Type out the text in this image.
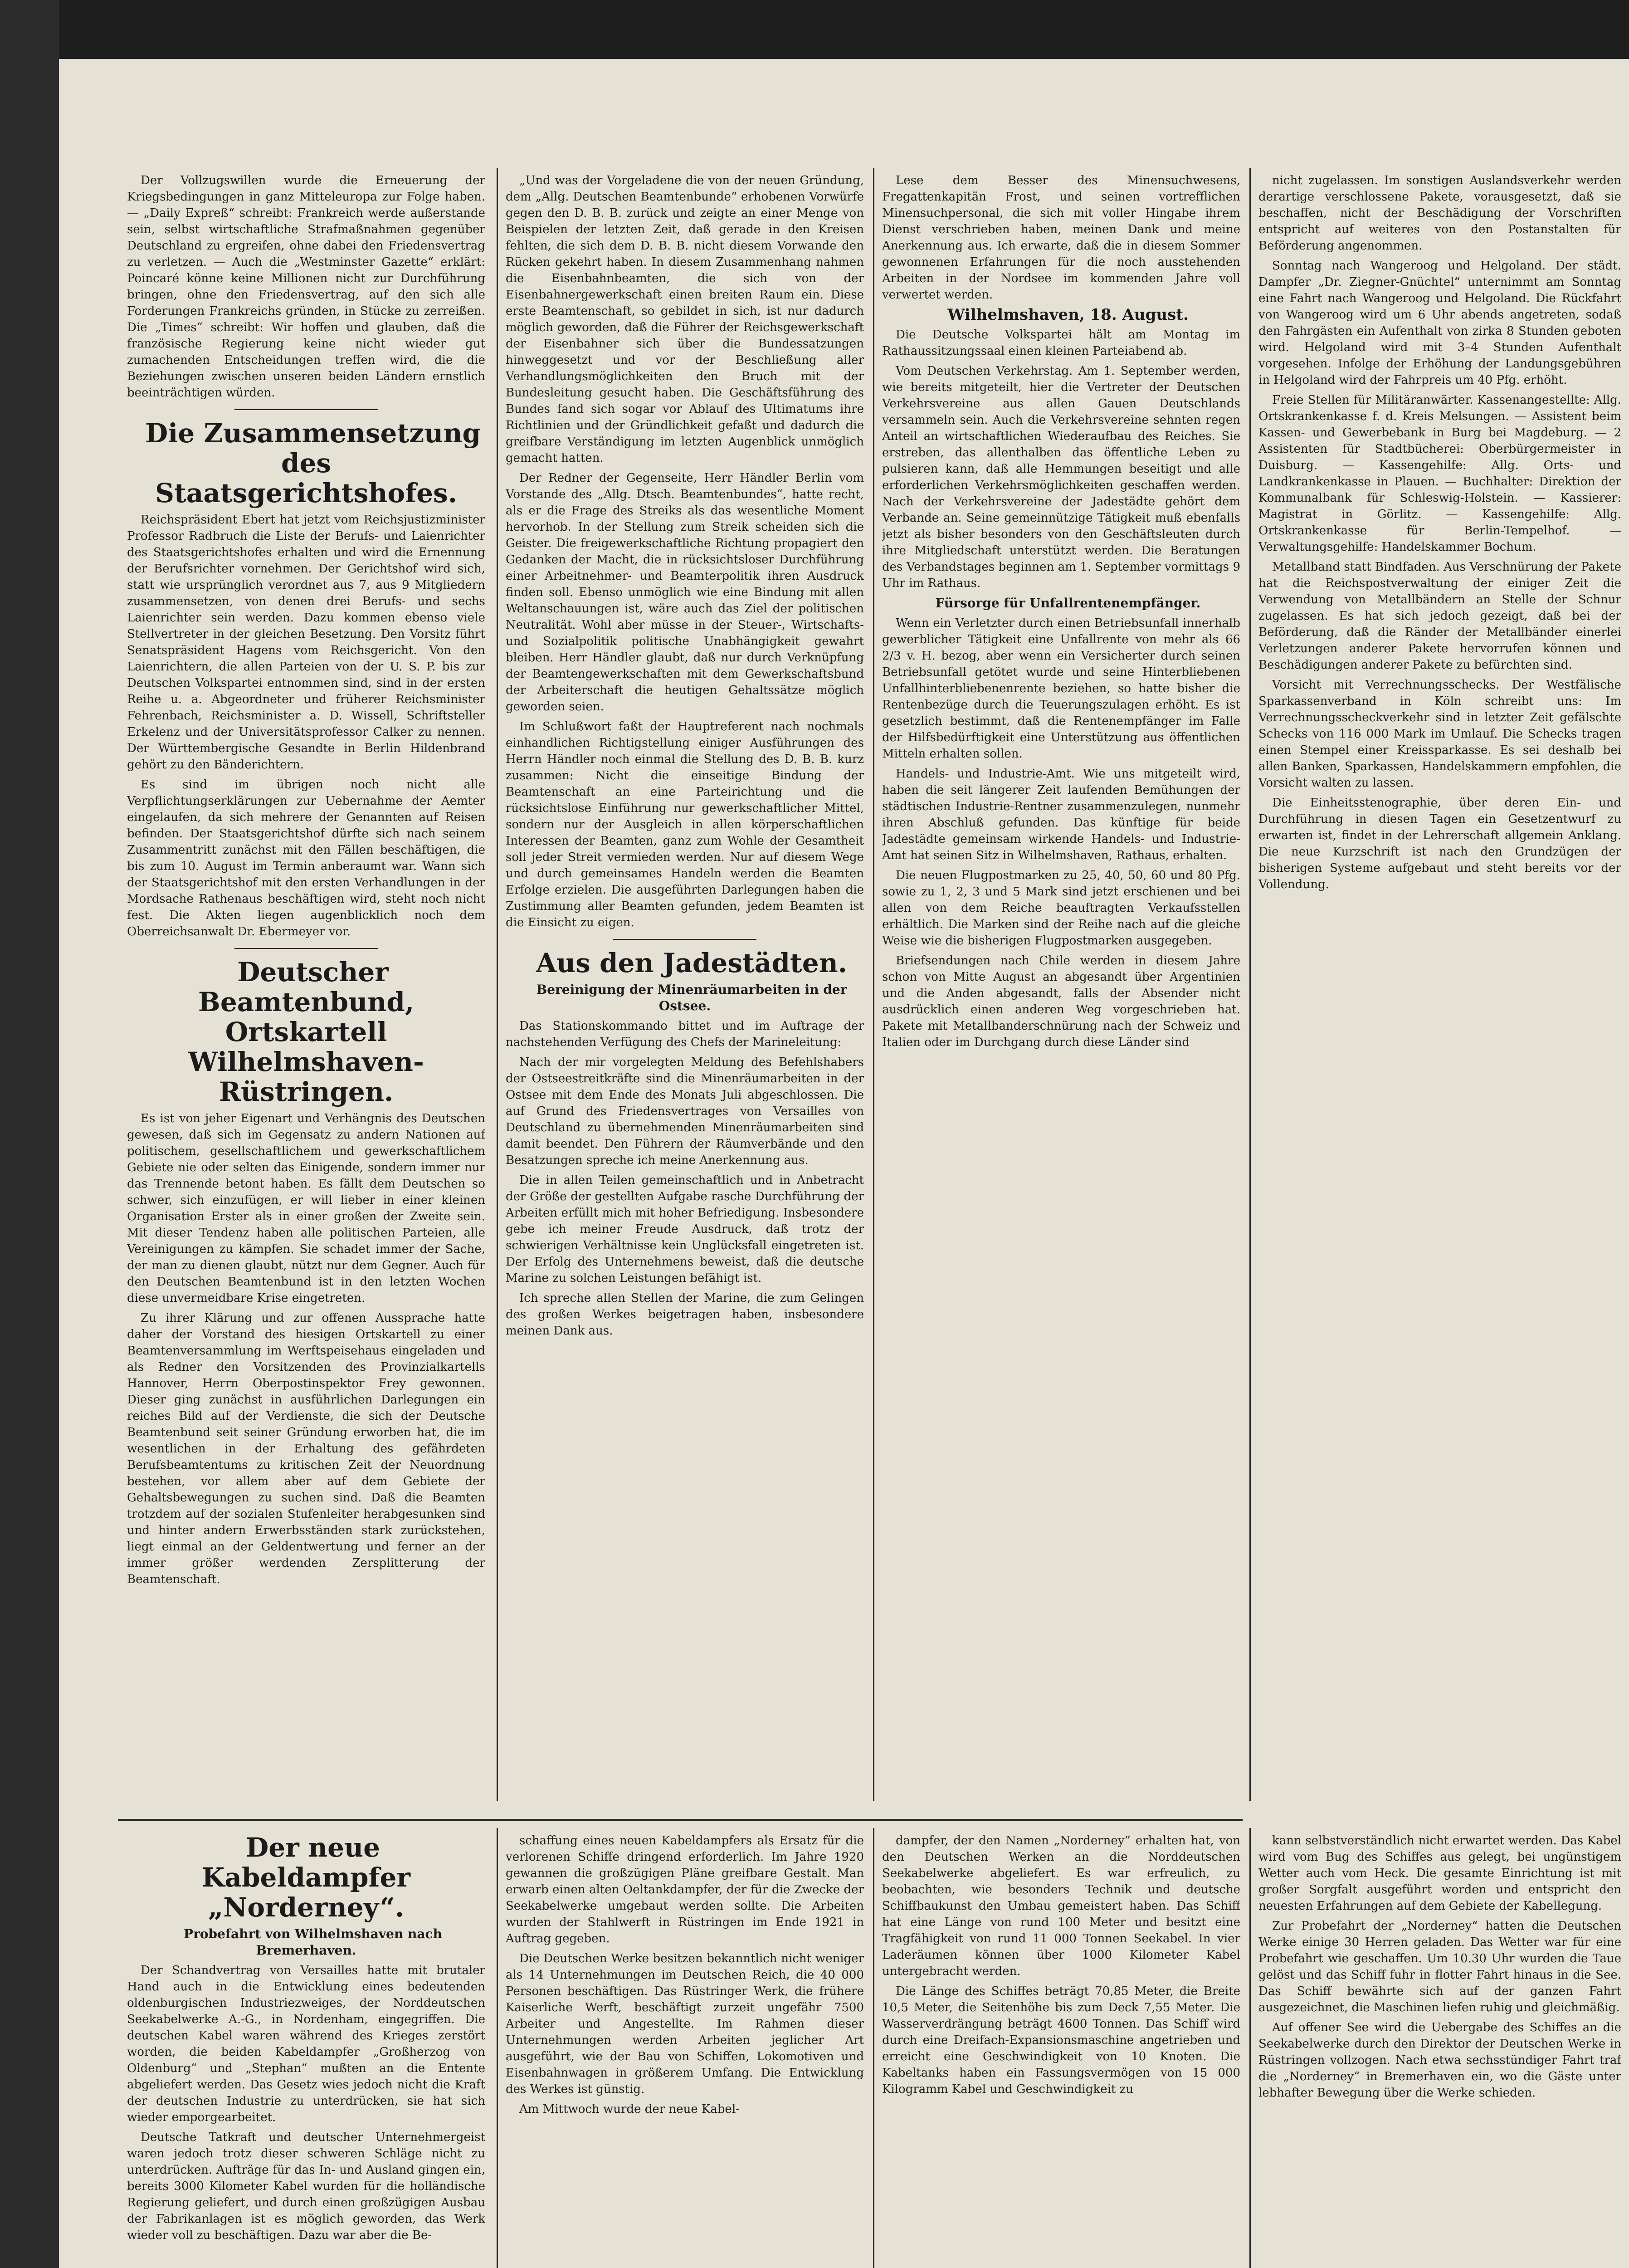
Der Vollzugswillen wurde die Erneuerung der Kriegsbedingungen in ganz Mitteleuropa zur Folge haben. — „Daily Expreß“ schreibt: Frankreich werde außerstande sein, selbst wirtschaftliche Strafmaßnahmen gegenüber Deutschland zu ergreifen, ohne dabei den Friedensvertrag zu verletzen. — Auch die „Westminster Gazette“ erklärt: Poincaré könne keine Millionen nicht zur Durchführung bringen, ohne den Friedensvertrag, auf den sich alle Forderungen Frankreichs gründen, in Stücke zu zerreißen. Die „Times“ schreibt: Wir hoffen und glauben, daß die französische Regierung keine nicht wieder gut zumachenden Entscheidungen treffen wird, die die Beziehungen zwischen unseren beiden Ländern ernstlich beeinträchtigen würden.

Die Zusammensetzung des Staatsgerichtshofes.

Reichspräsident Ebert hat jetzt vom Reichsjustizminister Professor Radbruch die Liste der Berufs- und Laienrichter des Staatsgerichtshofes erhalten und wird die Ernennung der Berufsrichter vornehmen. Der Gerichtshof wird sich, statt wie ursprünglich verordnet aus 7, aus 9 Mitgliedern zusammensetzen, von denen drei Berufs- und sechs Laienrichter sein werden. Dazu kommen ebenso viele Stellvertreter in der gleichen Besetzung. Den Vorsitz führt Senatspräsident Hagens vom Reichsgericht. Von den Laienrichtern, die allen Parteien von der U. S. P. bis zur Deutschen Volkspartei entnommen sind, sind in der ersten Reihe u. a. Abgeordneter und früherer Reichsminister Fehrenbach, Reichsminister a. D. Wissell, Schriftsteller Erkelenz und der Universitätsprofessor Calker zu nennen. Der Württembergische Gesandte in Berlin Hildenbrand gehört zu den Bänderichtern.

Es sind im übrigen noch nicht alle Verpflichtungserklärungen zur Uebernahme der Aemter eingelaufen, da sich mehrere der Genannten auf Reisen befinden. Der Staatsgerichtshof dürfte sich nach seinem Zusammentritt zunächst mit den Fällen beschäftigen, die bis zum 10. August im Termin anberaumt war. Wann sich der Staatsgerichtshof mit den ersten Verhandlungen in der Mordsache Rathenaus beschäftigen wird, steht noch nicht fest. Die Akten liegen augenblicklich noch dem Oberreichsanwalt Dr. Ebermeyer vor.

Deutscher Beamtenbund, Ortskartell Wilhelmshaven-Rüstringen.

Es ist von jeher Eigenart und Verhängnis des Deutschen gewesen, daß sich im Gegensatz zu andern Nationen auf politischem, gesellschaftlichem und gewerkschaftlichem Gebiete nie oder selten das Einigende, sondern immer nur das Trennende betont haben. Es fällt dem Deutschen so schwer, sich einzufügen, er will lieber in einer kleinen Organisation Erster als in einer großen der Zweite sein. Mit dieser Tendenz haben alle politischen Parteien, alle Vereinigungen zu kämpfen. Sie schadet immer der Sache, der man zu dienen glaubt, nützt nur dem Gegner. Auch für den Deutschen Beamtenbund ist in den letzten Wochen diese unvermeidbare Krise eingetreten.

Zu ihrer Klärung und zur offenen Aussprache hatte daher der Vorstand des hiesigen Ortskartell zu einer Beamtenversammlung im Werftspeisehaus eingeladen und als Redner den Vorsitzenden des Provinzialkartells Hannover, Herrn Oberpostinspektor Frey gewonnen. Dieser ging zunächst in ausführlichen Darlegungen ein reiches Bild auf der Verdienste, die sich der Deutsche Beamtenbund seit seiner Gründung erworben hat, die im wesentlichen in der Erhaltung des gefährdeten Berufsbeamtentums zu kritischen Zeit der Neuordnung bestehen, vor allem aber auf dem Gebiete der Gehaltsbewegungen zu suchen sind. Daß die Beamten trotzdem auf der sozialen Stufenleiter herabgesunken sind und hinter andern Erwerbsständen stark zurückstehen, liegt einmal an der Geldentwertung und ferner an der immer größer werdenden Zersplitterung der Beamtenschaft.

„Und was der Vorgeladene die von der neuen Gründung, dem „Allg. Deutschen Beamtenbunde“ erhobenen Vorwürfe gegen den D. B. B. zurück und zeigte an einer Menge von Beispielen der letzten Zeit, daß gerade in den Kreisen fehlten, die sich dem D. B. B. nicht diesem Vorwande den Rücken gekehrt haben. In diesem Zusammenhang nahmen die Eisenbahnbeamten, die sich von der Eisenbahnergewerkschaft einen breiten Raum ein. Diese erste Beamtenschaft, so gebildet in sich, ist nur dadurch möglich geworden, daß die Führer der Reichsgewerkschaft der Eisenbahner sich über die Bundessatzungen hinweggesetzt und vor der Beschließung aller Verhandlungsmöglichkeiten den Bruch mit der Bundesleitung gesucht haben. Die Geschäftsführung des Bundes fand sich sogar vor Ablauf des Ultimatums ihre Richtlinien und der Gründlichkeit gefaßt und dadurch die greifbare Verständigung im letzten Augenblick unmöglich gemacht hatten.

Der Redner der Gegenseite, Herr Händler Berlin vom Vorstande des „Allg. Dtsch. Beamtenbundes“, hatte recht, als er die Frage des Streiks als das wesentliche Moment hervorhob. In der Stellung zum Streik scheiden sich die Geister. Die freigewerkschaftliche Richtung propagiert den Gedanken der Macht, die in rücksichtsloser Durchführung einer Arbeitnehmer- und Beamterpolitik ihren Ausdruck finden soll. Ebenso unmöglich wie eine Bindung mit allen Weltanschauungen ist, wäre auch das Ziel der politischen Neutralität. Wohl aber müsse in der Steuer-, Wirtschafts- und Sozialpolitik politische Unabhängigkeit gewahrt bleiben. Herr Händler glaubt, daß nur durch Verknüpfung der Beamtengewerkschaften mit dem Gewerkschaftsbund der Arbeiterschaft die heutigen Gehaltssätze möglich geworden seien.

Im Schlußwort faßt der Hauptreferent nach nochmals einhandlichen Richtigstellung einiger Ausführungen des Herrn Händler noch einmal die Stellung des D. B. B. kurz zusammen: Nicht die einseitige Bindung der Beamtenschaft an eine Parteirichtung und die rücksichtslose Einführung nur gewerkschaftlicher Mittel, sondern nur der Ausgleich in allen körperschaftlichen Interessen der Beamten, ganz zum Wohle der Gesamtheit soll jeder Streit vermieden werden. Nur auf diesem Wege und durch gemeinsames Handeln werden die Beamten Erfolge erzielen. Die ausgeführten Darlegungen haben die Zustimmung aller Beamten gefunden, jedem Beamten ist die Einsicht zu eigen.

Aus den Jadestädten.

Bereinigung der Minenräumarbeiten in der Ostsee.

Das Stationskommando bittet und im Auftrage der nachstehenden Verfügung des Chefs der Marineleitung:

Nach der mir vorgelegten Meldung des Befehlshabers der Ostseestreitkräfte sind die Minenräumarbeiten in der Ostsee mit dem Ende des Monats Juli abgeschlossen. Die auf Grund des Friedensvertrages von Versailles von Deutschland zu übernehmenden Minenräumarbeiten sind damit beendet. Den Führern der Räumverbände und den Besatzungen spreche ich meine Anerkennung aus.

Die in allen Teilen gemeinschaftlich und in Anbetracht der Größe der gestellten Aufgabe rasche Durchführung der Arbeiten erfüllt mich mit hoher Befriedigung. Insbesondere gebe ich meiner Freude Ausdruck, daß trotz der schwierigen Verhältnisse kein Unglücksfall eingetreten ist. Der Erfolg des Unternehmens beweist, daß die deutsche Marine zu solchen Leistungen befähigt ist.

Ich spreche allen Stellen der Marine, die zum Gelingen des großen Werkes beigetragen haben, insbesondere meinen Dank aus.

Lese dem Besser des Minensuchwesens, Fregattenkapitän Frost, und seinen vortrefflichen Minensuchpersonal, die sich mit voller Hingabe ihrem Dienst verschrieben haben, meinen Dank und meine Anerkennung aus. Ich erwarte, daß die in diesem Sommer gewonnenen Erfahrungen für die noch ausstehenden Arbeiten in der Nordsee im kommenden Jahre voll verwertet werden.

Wilhelmshaven, 18. August.

Die Deutsche Volkspartei hält am Montag im Rathaussitzungssaal einen kleinen Parteiabend ab.

Vom Deutschen Verkehrstag. Am 1. September werden, wie bereits mitgeteilt, hier die Vertreter der Deutschen Verkehrsvereine aus allen Gauen Deutschlands versammeln sein. Auch die Verkehrsvereine sehnten regen Anteil an wirtschaftlichen Wiederaufbau des Reiches. Sie erstreben, das allenthalben das öffentliche Leben zu pulsieren kann, daß alle Hemmungen beseitigt und alle erforderlichen Verkehrsmöglichkeiten geschaffen werden. Nach der Verkehrsvereine der Jadestädte gehört dem Verbande an. Seine gemeinnützige Tätigkeit muß ebenfalls jetzt als bisher besonders von den Geschäftsleuten durch ihre Mitgliedschaft unterstützt werden. Die Beratungen des Verbandstages beginnen am 1. September vormittags 9 Uhr im Rathaus.

Fürsorge für Unfallrentenempfänger.

Wenn ein Verletzter durch einen Betriebsunfall innerhalb gewerblicher Tätigkeit eine Unfallrente von mehr als 66 2/3 v. H. bezog, aber wenn ein Versicherter durch seinen Betriebsunfall getötet wurde und seine Hinterbliebenen Unfallhinterbliebenenrente beziehen, so hatte bisher die Rentenbezüge durch die Teuerungszulagen erhöht. Es ist gesetzlich bestimmt, daß die Rentenempfänger im Falle der Hilfsbedürftigkeit eine Unterstützung aus öffentlichen Mitteln erhalten sollen.

Handels- und Industrie-Amt. Wie uns mitgeteilt wird, haben die seit längerer Zeit laufenden Bemühungen der städtischen Industrie-Rentner zusammenzulegen, nunmehr ihren Abschluß gefunden. Das künftige für beide Jadestädte gemeinsam wirkende Handels- und Industrie-Amt hat seinen Sitz in Wilhelmshaven, Rathaus, erhalten.

Die neuen Flugpostmarken zu 25, 40, 50, 60 und 80 Pfg. sowie zu 1, 2, 3 und 5 Mark sind jetzt erschienen und bei allen von dem Reiche beauftragten Verkaufsstellen erhältlich. Die Marken sind der Reihe nach auf die gleiche Weise wie die bisherigen Flugpostmarken ausgegeben.

Briefsendungen nach Chile werden in diesem Jahre schon von Mitte August an abgesandt über Argentinien und die Anden abgesandt, falls der Absender nicht ausdrücklich einen anderen Weg vorgeschrieben hat. Pakete mit Metallbanderschnürung nach der Schweiz und Italien oder im Durchgang durch diese Länder sind

nicht zugelassen. Im sonstigen Auslandsverkehr werden derartige verschlossene Pakete, vorausgesetzt, daß sie beschaffen, nicht der Beschädigung der Vorschriften entspricht auf weiteres von den Postanstalten für Beförderung angenommen.

Sonntag nach Wangeroog und Helgoland. Der städt. Dampfer „Dr. Ziegner-Gnüchtel“ unternimmt am Sonntag eine Fahrt nach Wangeroog und Helgoland. Die Rückfahrt von Wangeroog wird um 6 Uhr abends angetreten, sodaß den Fahrgästen ein Aufenthalt von zirka 8 Stunden geboten wird. Helgoland wird mit 3–4 Stunden Aufenthalt vorgesehen. Infolge der Erhöhung der Landungsgebühren in Helgoland wird der Fahrpreis um 40 Pfg. erhöht.

Freie Stellen für Militäranwärter. Kassenangestellte: Allg. Ortskrankenkasse f. d. Kreis Melsungen. — Assistent beim Kassen- und Gewerbebank in Burg bei Magdeburg. — 2 Assistenten für Stadtbücherei: Oberbürgermeister in Duisburg. — Kassengehilfe: Allg. Orts- und Landkrankenkasse in Plauen. — Buchhalter: Direktion der Kommunalbank für Schleswig-Holstein. — Kassierer: Magistrat in Görlitz. — Kassengehilfe: Allg. Ortskrankenkasse für Berlin-Tempelhof. — Verwaltungsgehilfe: Handelskammer Bochum.

Metallband statt Bindfaden. Aus Verschnürung der Pakete hat die Reichspostverwaltung der einiger Zeit die Verwendung von Metallbändern an Stelle der Schnur zugelassen. Es hat sich jedoch gezeigt, daß bei der Beförderung, daß die Ränder der Metallbänder einerlei Verletzungen anderer Pakete hervorrufen können und Beschädigungen anderer Pakete zu befürchten sind.

Vorsicht mit Verrechnungsschecks. Der Westfälische Sparkassenverband in Köln schreibt uns: Im Verrechnungsscheckverkehr sind in letzter Zeit gefälschte Schecks von 116 000 Mark im Umlauf. Die Schecks tragen einen Stempel einer Kreissparkasse. Es sei deshalb bei allen Banken, Sparkassen, Handelskammern empfohlen, die Vorsicht walten zu lassen.

Die Einheitsstenographie, über deren Ein- und Durchführung in diesen Tagen ein Gesetzentwurf zu erwarten ist, findet in der Lehrerschaft allgemein Anklang. Die neue Kurzschrift ist nach den Grundzügen der bisherigen Systeme aufgebaut und steht bereits vor der Vollendung.

Der neue Kabeldampfer „Norderney“.

Probefahrt von Wilhelmshaven nach Bremerhaven.

Der Schandvertrag von Versailles hatte mit brutaler Hand auch in die Entwicklung eines bedeutenden oldenburgischen Industriezweiges, der Norddeutschen Seekabelwerke A.-G., in Nordenham, eingegriffen. Die deutschen Kabel waren während des Krieges zerstört worden, die beiden Kabeldampfer „Großherzog von Oldenburg“ und „Stephan“ mußten an die Entente abgeliefert werden. Das Gesetz wies jedoch nicht die Kraft der deutschen Industrie zu unterdrücken, sie hat sich wieder emporgearbeitet.

Deutsche Tatkraft und deutscher Unternehmergeist waren jedoch trotz dieser schweren Schläge nicht zu unterdrücken. Aufträge für das In- und Ausland gingen ein, bereits 3000 Kilometer Kabel wurden für die holländische Regierung geliefert, und durch einen großzügigen Ausbau der Fabrikanlagen ist es möglich geworden, das Werk wieder voll zu beschäftigen. Dazu war aber die Be-

schaffung eines neuen Kabeldampfers als Ersatz für die verlorenen Schiffe dringend erforderlich. Im Jahre 1920 gewannen die großzügigen Pläne greifbare Gestalt. Man erwarb einen alten Oeltankdampfer, der für die Zwecke der Seekabelwerke umgebaut werden sollte. Die Arbeiten wurden der Stahlwerft in Rüstringen im Ende 1921 in Auftrag gegeben.

Die Deutschen Werke besitzen bekanntlich nicht weniger als 14 Unternehmungen im Deutschen Reich, die 40 000 Personen beschäftigen. Das Rüstringer Werk, die frühere Kaiserliche Werft, beschäftigt zurzeit ungefähr 7500 Arbeiter und Angestellte. Im Rahmen dieser Unternehmungen werden Arbeiten jeglicher Art ausgeführt, wie der Bau von Schiffen, Lokomotiven und Eisenbahnwagen in größerem Umfang. Die Entwicklung des Werkes ist günstig.

Am Mittwoch wurde der neue Kabel-

dampfer, der den Namen „Norderney“ erhalten hat, von den Deutschen Werken an die Norddeutschen Seekabelwerke abgeliefert. Es war erfreulich, zu beobachten, wie besonders Technik und deutsche Schiffbaukunst den Umbau gemeistert haben. Das Schiff hat eine Länge von rund 100 Meter und besitzt eine Tragfähigkeit von rund 11 000 Tonnen Seekabel. In vier Laderäumen können über 1000 Kilometer Kabel untergebracht werden.

Die Länge des Schiffes beträgt 70,85 Meter, die Breite 10,5 Meter, die Seitenhöhe bis zum Deck 7,55 Meter. Die Wasserverdrängung beträgt 4600 Tonnen. Das Schiff wird durch eine Dreifach-Expansionsmaschine angetrieben und erreicht eine Geschwindigkeit von 10 Knoten. Die Kabeltanks haben ein Fassungsvermögen von 15 000 Kilogramm Kabel und Geschwindigkeit zu

kann selbstverständlich nicht erwartet werden. Das Kabel wird vom Bug des Schiffes aus gelegt, bei ungünstigem Wetter auch vom Heck. Die gesamte Einrichtung ist mit großer Sorgfalt ausgeführt worden und entspricht den neuesten Erfahrungen auf dem Gebiete der Kabellegung.

Zur Probefahrt der „Norderney“ hatten die Deutschen Werke einige 30 Herren geladen. Das Wetter war für eine Probefahrt wie geschaffen. Um 10.30 Uhr wurden die Taue gelöst und das Schiff fuhr in flotter Fahrt hinaus in die See. Das Schiff bewährte sich auf der ganzen Fahrt ausgezeichnet, die Maschinen liefen ruhig und gleichmäßig.

Auf offener See wird die Uebergabe des Schiffes an die Seekabelwerke durch den Direktor der Deutschen Werke in Rüstringen vollzogen. Nach etwa sechsstündiger Fahrt traf die „Norderney“ in Bremerhaven ein, wo die Gäste unter lebhafter Bewegung über die Werke schieden.
